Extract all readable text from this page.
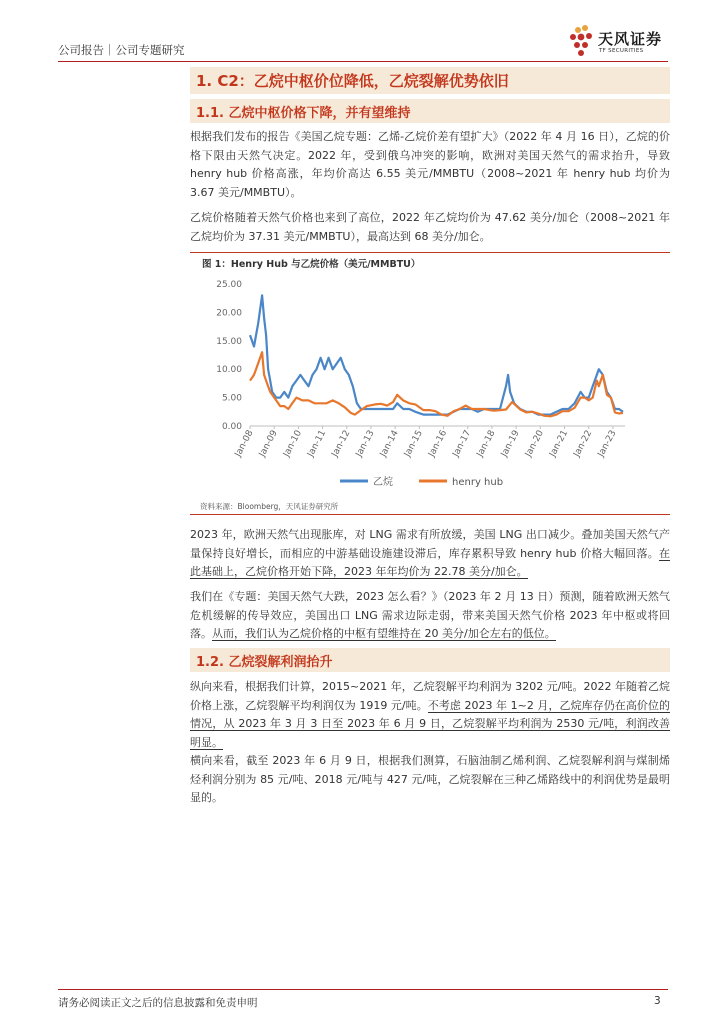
公司报告｜公司专题研究
天风证券
TF SECURITIES
1. C2：乙烷中枢价位降低，乙烷裂解优势依旧
1.1. 乙烷中枢价格下降，并有望维持
根据我们发布的报告《美国乙烷专题：乙烯-乙烷价差有望扩大》（2022 年 4 月 16 日），乙烷的价格下限由天然气决定。2022 年，受到俄乌冲突的影响，欧洲对美国天然气的需求抬升，导致 henry hub 价格高涨，年均价高达 6.55 美元/MMBTU（2008~2021 年 henry hub 均价为 3.67 美元/MMBTU）。
乙烷价格随着天然气价格也来到了高位，2022 年乙烷均价为 47.62 美分/加仑（2008~2021 年乙烷均价为 37.31 美元/MMBTU），最高达到 68 美分/加仑。
图 1：Henry Hub 与乙烷价格（美元/MMBTU）
25.00
20.00
15.00
10.00
5.00
0.00
Jan-08 Jan-09 Jan-10 Jan-11 Jan-12 Jan-13 Jan-14 Jan-15 Jan-16 Jan-17 Jan-18 Jan-19 Jan-20 Jan-21 Jan-22 Jan-23
乙烷	henry hub
资料来源：Bloomberg，天风证券研究所
2023 年，欧洲天然气出现胀库，对 LNG 需求有所放缓，美国 LNG 出口减少。叠加美国天然气产量保持良好增长，而相应的中游基础设施建设滞后，库存累积导致 henry hub 价格大幅回落。在此基础上，乙烷价格开始下降，2023 年年均价为 22.78 美分/加仑。
我们在《专题：美国天然气大跌，2023 怎么看？》（2023 年 2 月 13 日）预测，随着欧洲天然气危机缓解的传导效应，美国出口 LNG 需求边际走弱，带来美国天然气价格 2023 年中枢或将回落。从而，我们认为乙烷价格的中枢有望维持在 20 美分/加仑左右的低位。
1.2. 乙烷裂解利润抬升
纵向来看，根据我们计算，2015~2021 年，乙烷裂解平均利润为 3202 元/吨。2022 年随着乙烷价格上涨，乙烷裂解平均利润仅为 1919 元/吨。不考虑 2023 年 1~2 月，乙烷库存仍在高价位的情况，从 2023 年 3 月 3 日至 2023 年 6 月 9 日，乙烷裂解平均利润为 2530 元/吨，利润改善明显。
横向来看，截至 2023 年 6 月 9 日，根据我们测算，石脑油制乙烯利润、乙烷裂解利润与煤制烯烃利润分别为 85 元/吨、2018 元/吨与 427 元/吨，乙烷裂解在三种乙烯路线中的利润优势是最明显的。
请务必阅读正文之后的信息披露和免责申明	3
